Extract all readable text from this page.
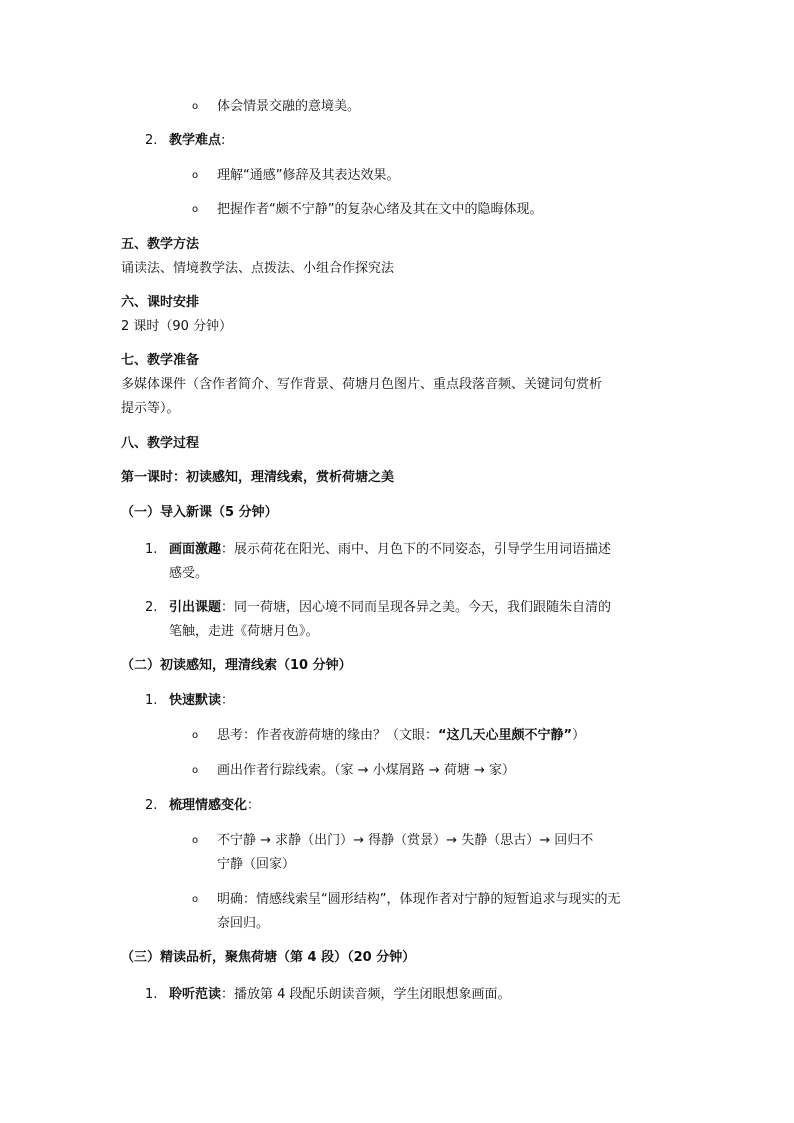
o 体会情景交融的意境美。
2. 教学难点:
o 理解“通感”修辞及其表达效果。
o 把握作者“颇不宁静”的复杂心绪及其在文中的隐晦体现。
五、教学方法
诵读法、情境教学法、点拨法、小组合作探究法
六、课时安排
2 课时（90 分钟）
七、教学准备
多媒体课件（含作者简介、写作背景、荷塘月色图片、重点段落音频、关键词句赏析
提示等）。
八、教学过程
第一课时：初读感知，理清线索，赏析荷塘之美
（一）导入新课（5 分钟）
1. 画面激趣：展示荷花在阳光、雨中、月色下的不同姿态，引导学生用词语描述
感受。
2. 引出课题：同一荷塘，因心境不同而呈现各异之美。今天，我们跟随朱自清的
笔触，走进《荷塘月色》。
（二）初读感知，理清线索（10 分钟）
1. 快速默读：
o 思考：作者夜游荷塘的缘由？（文眼：“这几天心里颇不宁静”）
o 画出作者行踪线索。（家 → 小煤屑路 → 荷塘 → 家）
2. 梳理情感变化：
o 不宁静 → 求静（出门）→ 得静（赏景）→ 失静（思古）→ 回归不
宁静（回家）
o 明确：情感线索呈“圆形结构”，体现作者对宁静的短暂追求与现实的无
奈回归。
（三）精读品析，聚焦荷塘（第 4 段）（20 分钟）
1. 聆听范读：播放第 4 段配乐朗读音频，学生闭眼想象画面。
